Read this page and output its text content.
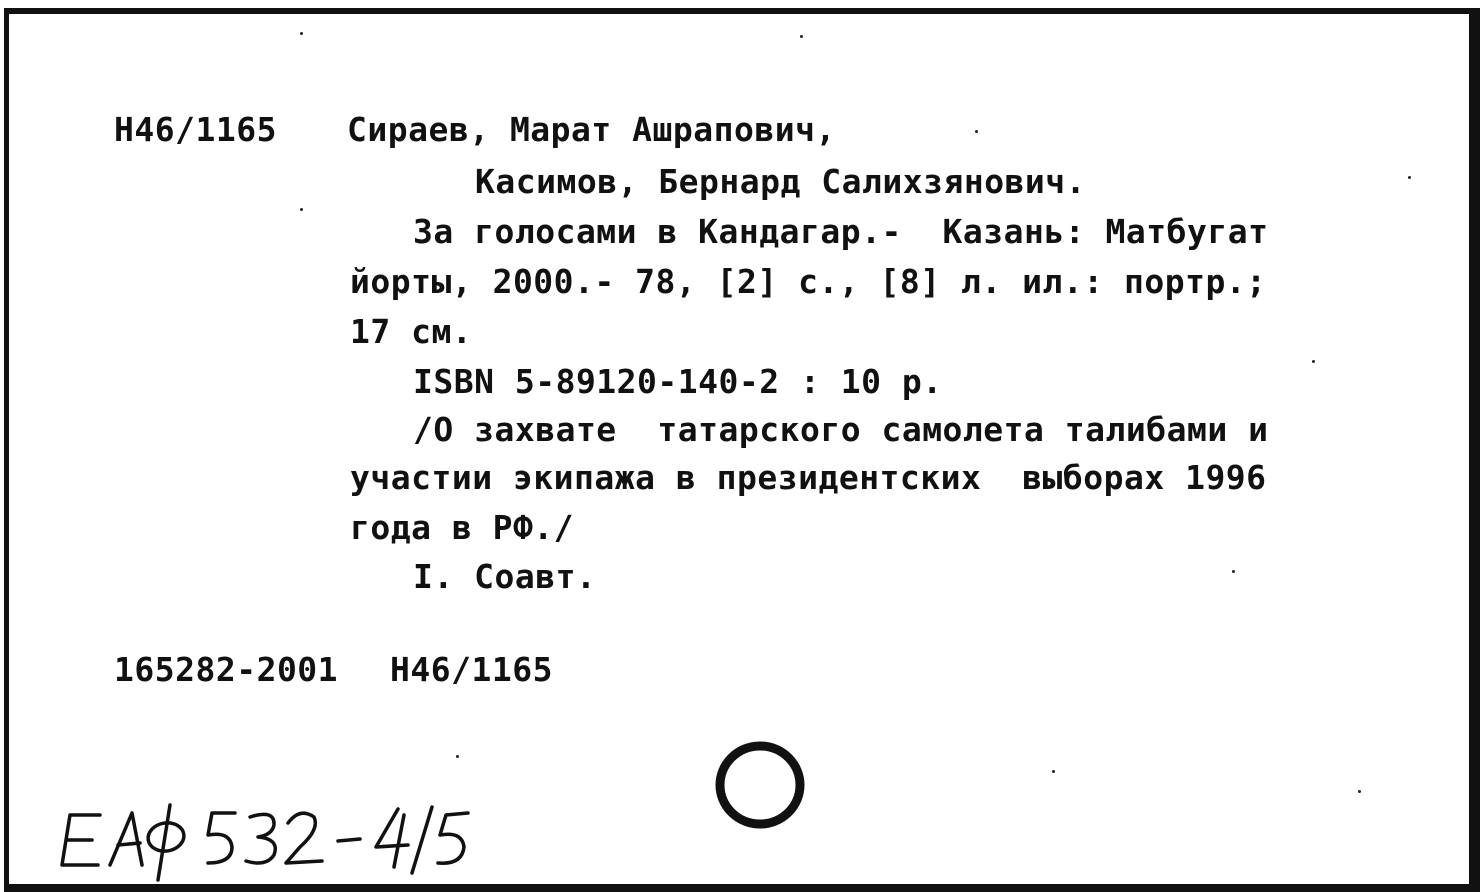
Н46/1165 Сираев, Марат Ашрапович,
Касимов, Бернард Салихзянович.
За голосами в Кандагар.-  Казань: Матбугат
йорты, 2000.- 78, [2] с., [8] л. ил.: портр.;
17 см.
ISBN 5-89120-140-2 : 10 р.
/О захвате  татарского самолета талибами и
участии экипажа в президентских  выборах 1996
года в РФ./
I. Соавт.
165282-2001 Н46/1165
